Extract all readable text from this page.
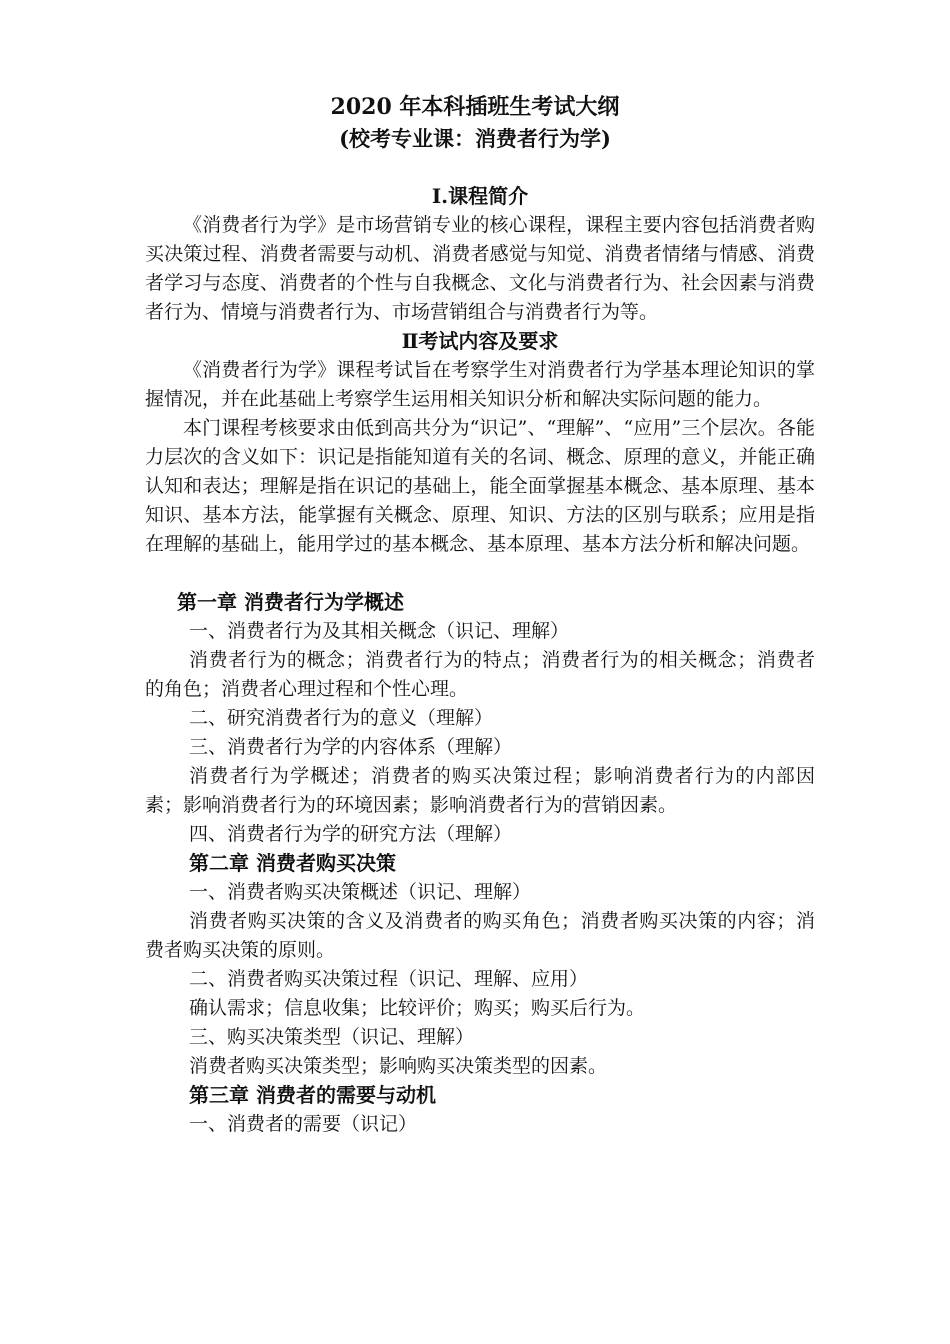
2020 年本科插班生考试大纲
(校考专业课：消费者行为学)
I.课程简介

《消费者行为学》是市场营销专业的核心课程，课程主要内容包括消费者购买决策过程、消费者需要与动机、消费者感觉与知觉、消费者情绪与情感、消费者学习与态度、消费者的个性与自我概念、文化与消费者行为、社会因素与消费者行为、情境与消费者行为、市场营销组合与消费者行为等。

Ⅱ考试内容及要求

《消费者行为学》课程考试旨在考察学生对消费者行为学基本理论知识的掌握情况，并在此基础上考察学生运用相关知识分析和解决实际问题的能力。

本门课程考核要求由低到高共分为“识记”、“理解”、“应用”三个层次。各能力层次的含义如下：识记是指能知道有关的名词、概念、原理的意义，并能正确认知和表达；理解是指在识记的基础上，能全面掌握基本概念、基本原理、基本知识、基本方法，能掌握有关概念、原理、知识、方法的区别与联系；应用是指在理解的基础上，能用学过的基本概念、基本原理、基本方法分析和解决问题。

第一章 消费者行为学概述

一、消费者行为及其相关概念（识记、理解）

消费者行为的概念；消费者行为的特点；消费者行为的相关概念；消费者的角色；消费者心理过程和个性心理。

二、研究消费者行为的意义（理解）

三、消费者行为学的内容体系（理解）

消费者行为学概述；消费者的购买决策过程；影响消费者行为的内部因素；影响消费者行为的环境因素；影响消费者行为的营销因素。

四、消费者行为学的研究方法（理解）

第二章 消费者购买决策

一、消费者购买决策概述（识记、理解）

消费者购买决策的含义及消费者的购买角色；消费者购买决策的内容；消费者购买决策的原则。

二、消费者购买决策过程（识记、理解、应用）

确认需求；信息收集；比较评价；购买；购买后行为。

三、购买决策类型（识记、理解）

消费者购买决策类型；影响购买决策类型的因素。

第三章 消费者的需要与动机

一、消费者的需要（识记）
